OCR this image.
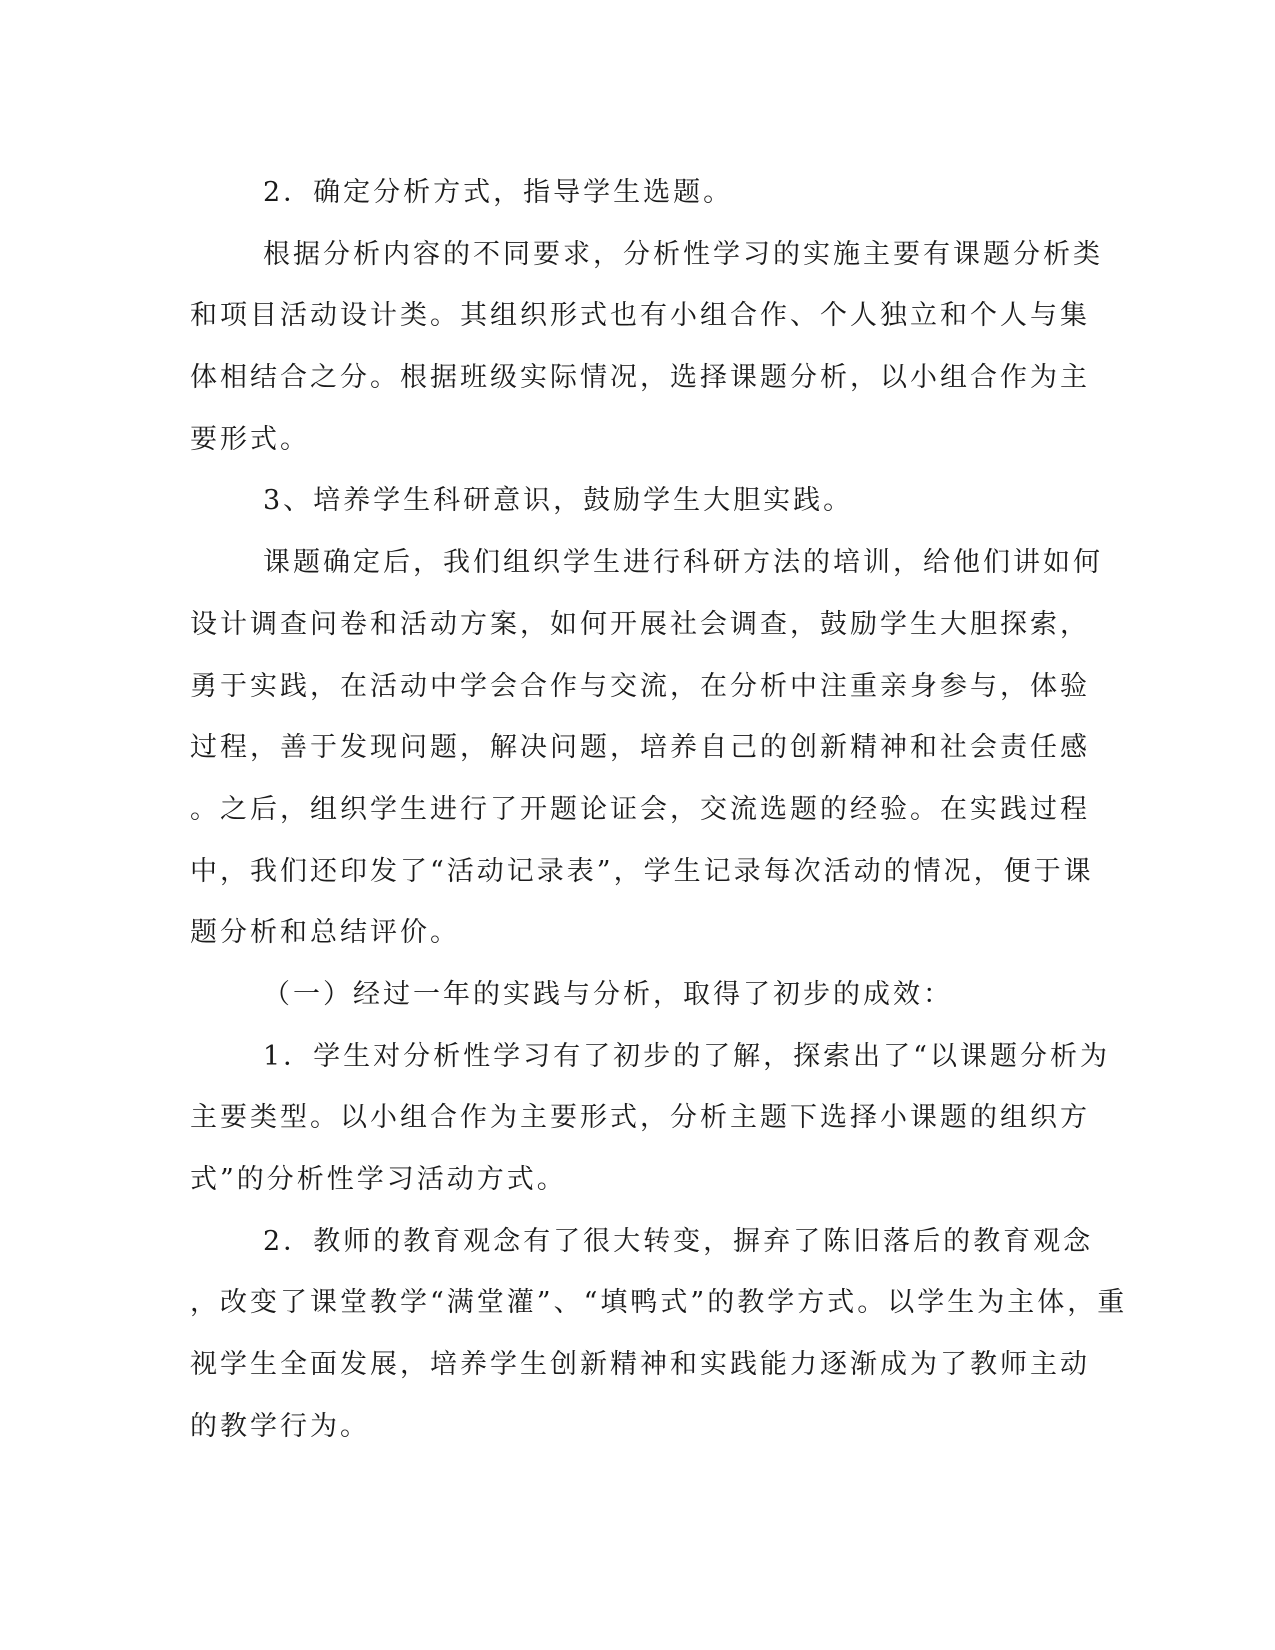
2．确定分析方式，指导学生选题。
根据分析内容的不同要求，分析性学习的实施主要有课题分析类
和项目活动设计类。其组织形式也有小组合作、个人独立和个人与集
体相结合之分。根据班级实际情况，选择课题分析，以小组合作为主
要形式。
3、培养学生科研意识，鼓励学生大胆实践。
课题确定后，我们组织学生进行科研方法的培训，给他们讲如何
设计调查问卷和活动方案，如何开展社会调查，鼓励学生大胆探索，
勇于实践，在活动中学会合作与交流，在分析中注重亲身参与，体验
过程，善于发现问题，解决问题，培养自己的创新精神和社会责任感
。之后，组织学生进行了开题论证会，交流选题的经验。在实践过程
中，我们还印发了“活动记录表”，学生记录每次活动的情况，便于课
题分析和总结评价。
（一）经过一年的实践与分析，取得了初步的成效：
1．学生对分析性学习有了初步的了解，探索出了“以课题分析为
主要类型。以小组合作为主要形式，分析主题下选择小课题的组织方
式”的分析性学习活动方式。
2．教师的教育观念有了很大转变，摒弃了陈旧落后的教育观念
，改变了课堂教学“满堂灌”、“填鸭式”的教学方式。以学生为主体，重
视学生全面发展，培养学生创新精神和实践能力逐渐成为了教师主动
的教学行为。
